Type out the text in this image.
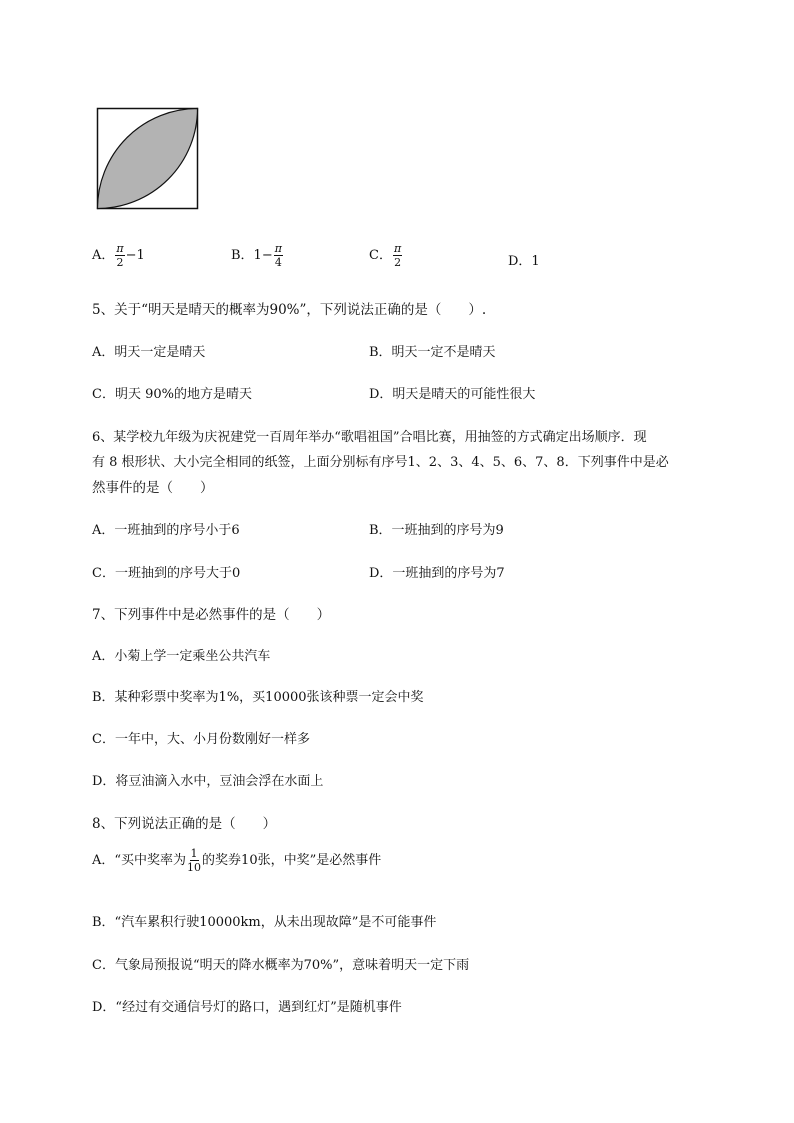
A． $\frac{\pi}{2} -1$	B．$1- \frac{\pi}{4}$	C． $\frac{\pi}{2}$	D．1
5、关于“明天是晴天的概率为90%”，下列说法正确的是（　　）.
A．明天一定是晴天	B．明天一定不是晴天
C．明天 90%的地方是晴天	D．明天是晴天的可能性很大
6、某学校九年级为庆祝建党一百周年举办“歌唱祖国”合唱比赛，用抽签的方式确定出场顺序．现
有 8 根形状、大小完全相同的纸签，上面分别标有序号1、2、3、4、5、6、7、8．下列事件中是必
然事件的是（　　）
A．一班抽到的序号小于6	B．一班抽到的序号为9
C．一班抽到的序号大于0	D．一班抽到的序号为7
7、下列事件中是必然事件的是（　　）
A．小菊上学一定乘坐公共汽车
B．某种彩票中奖率为1%，买10000张该种票一定会中奖
C．一年中，大、小月份数刚好一样多
D．将豆油滴入水中，豆油会浮在水面上
8、下列说法正确的是（　　）
A．“买中奖率为 $\frac{1}{10}$ 的奖券10张，中奖”是必然事件
B．“汽车累积行驶10000km，从未出现故障”是不可能事件
C．气象局预报说“明天的降水概率为70%”，意味着明天一定下雨
D．“经过有交通信号灯的路口，遇到红灯”是随机事件
